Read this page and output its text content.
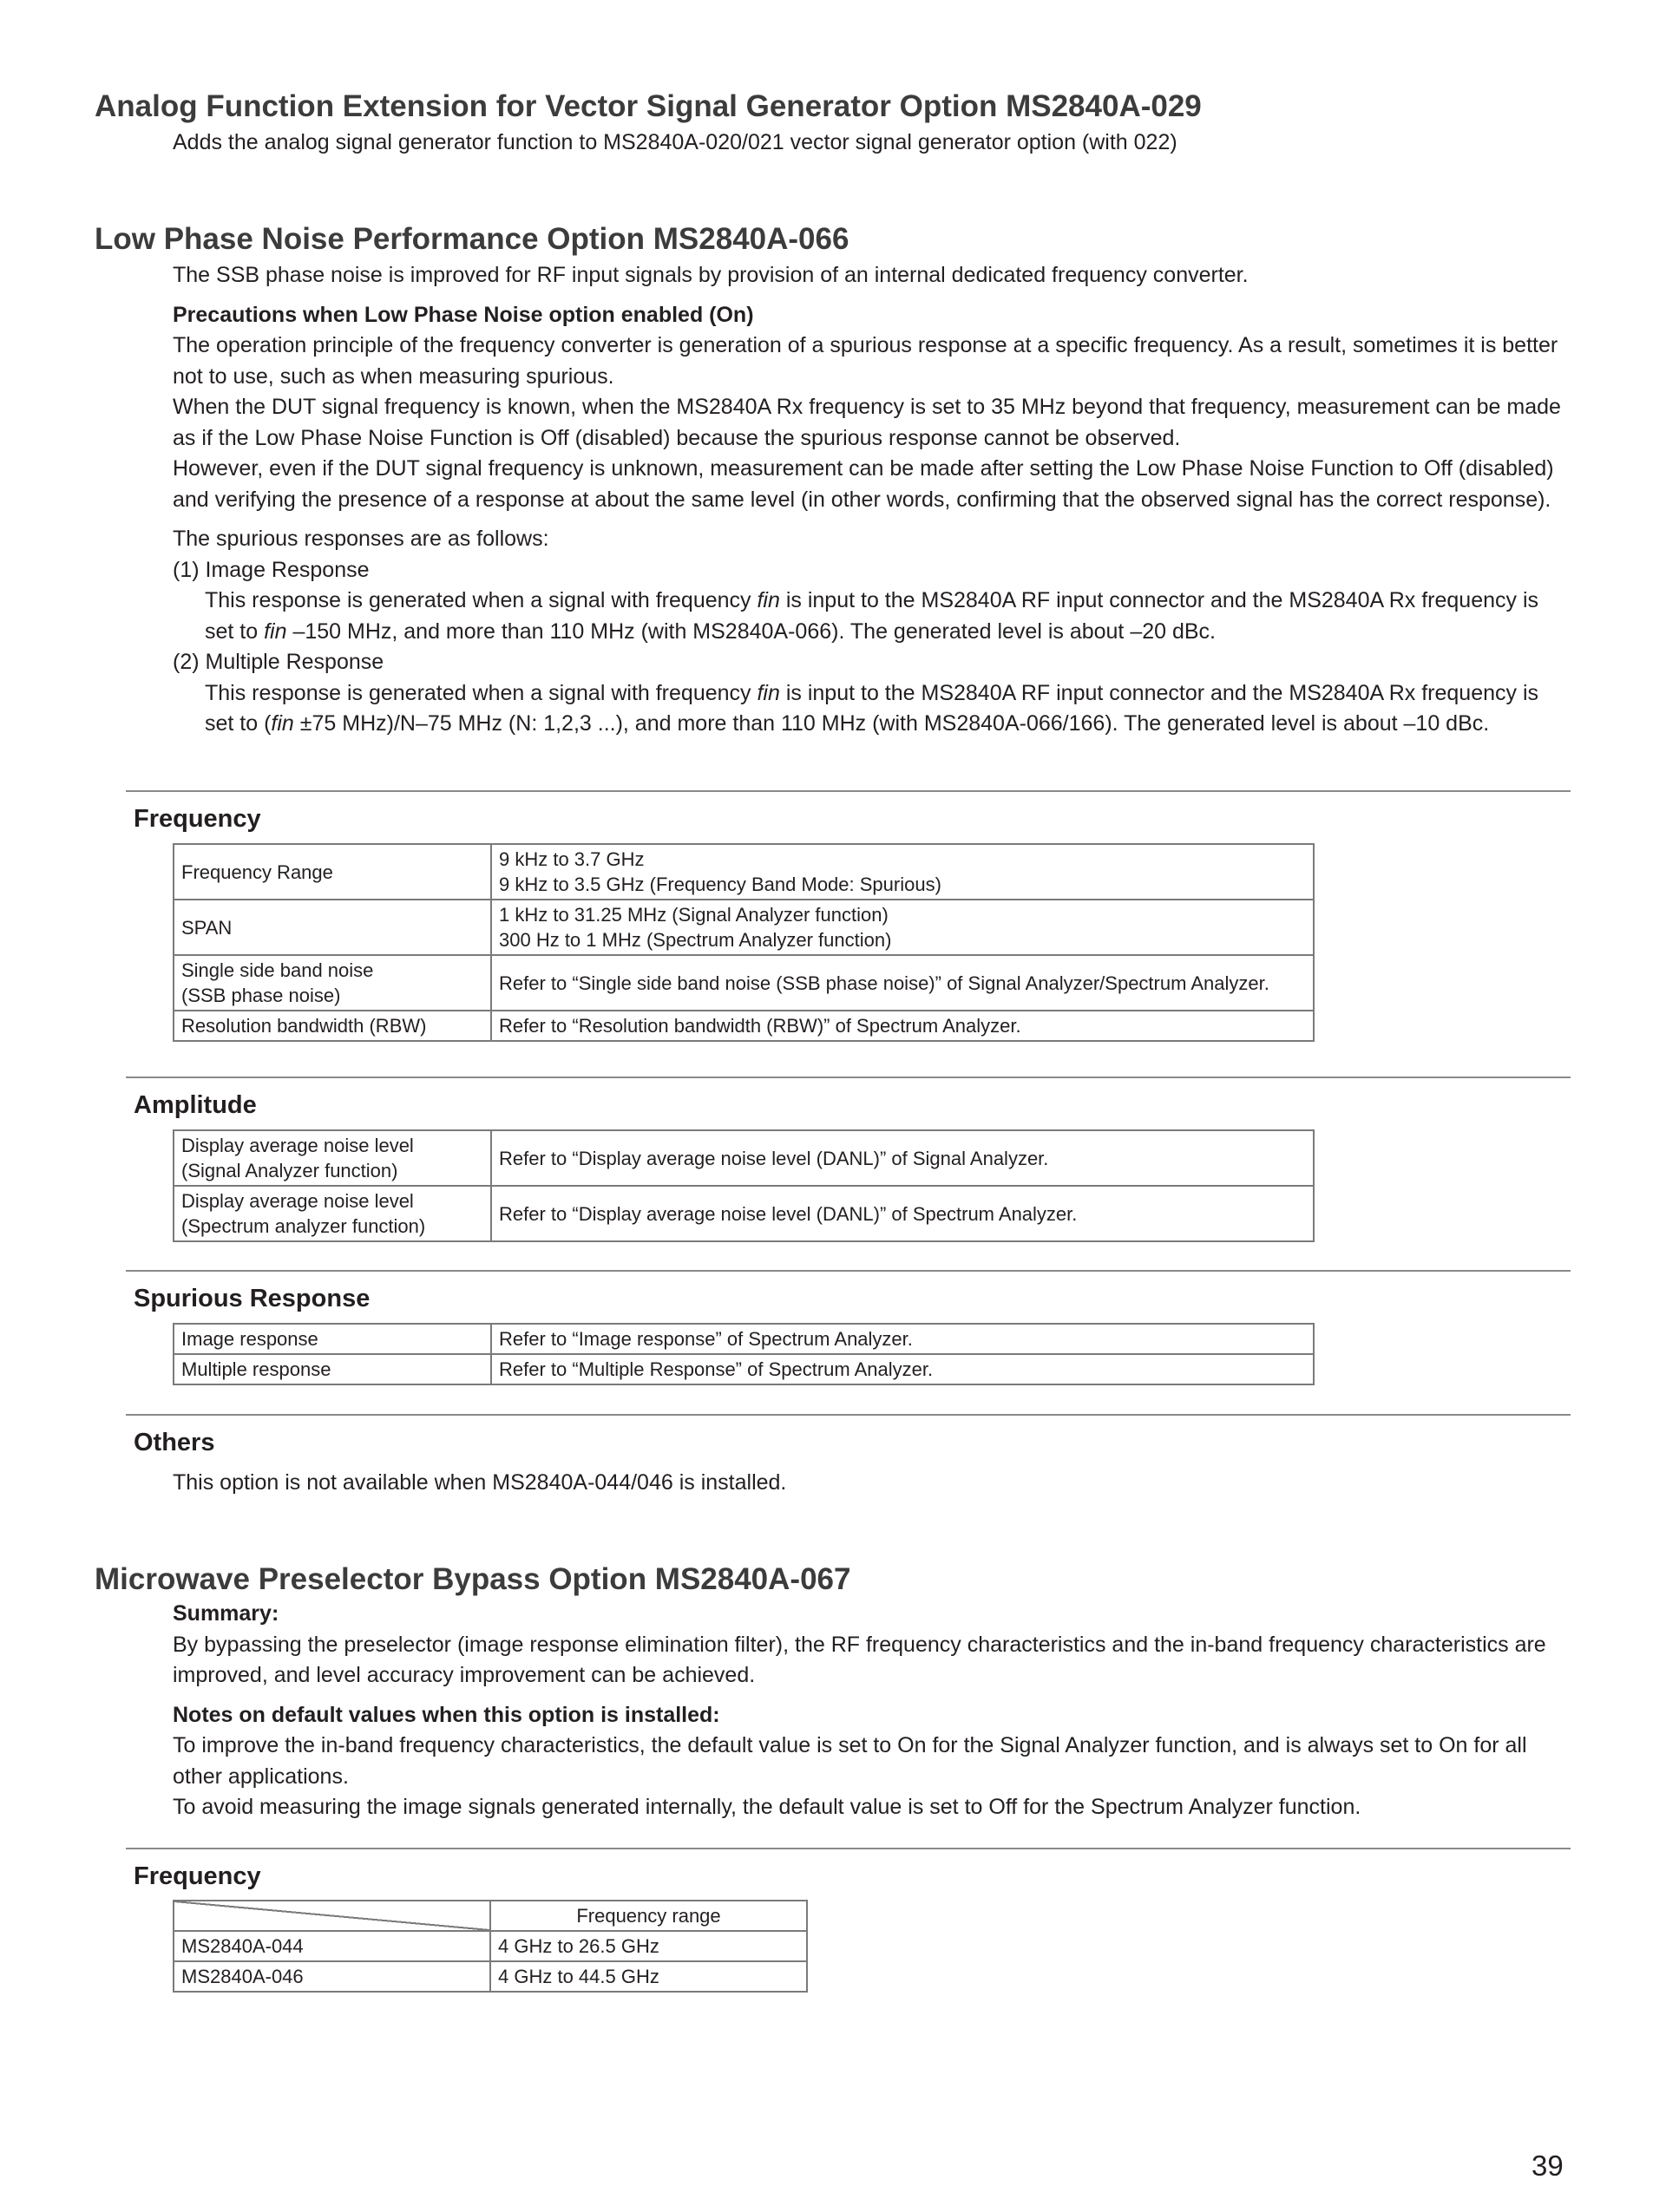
Analog Function Extension for Vector Signal Generator Option MS2840A-029

Adds the analog signal generator function to MS2840A-020/021 vector signal generator option (with 022)

Low Phase Noise Performance Option MS2840A-066

The SSB phase noise is improved for RF input signals by provision of an internal dedicated frequency converter.

Precautions when Low Phase Noise option enabled (On)

The operation principle of the frequency converter is generation of a spurious response at a specific frequency. As a result, sometimes it is better not to use, such as when measuring spurious.

When the DUT signal frequency is known, when the MS2840A Rx frequency is set to 35 MHz beyond that frequency, measurement can be made as if the Low Phase Noise Function is Off (disabled) because the spurious response cannot be observed.

However, even if the DUT signal frequency is unknown, measurement can be made after setting the Low Phase Noise Function to Off (disabled) and verifying the presence of a response at about the same level (in other words, confirming that the observed signal has the correct response).

The spurious responses are as follows:

(1) Image Response

This response is generated when a signal with frequency fin is input to the MS2840A RF input connector and the MS2840A Rx frequency is set to fin –150 MHz, and more than 110 MHz (with MS2840A-066). The generated level is about –20 dBc.

(2) Multiple Response

This response is generated when a signal with frequency fin is input to the MS2840A RF input connector and the MS2840A Rx frequency is set to (fin ±75 MHz)/N–75 MHz (N: 1,2,3 ...), and more than 110 MHz (with MS2840A-066/166). The generated level is about –10 dBc.

Frequency
Frequency Range	9 kHz to 3.7 GHz
9 kHz to 3.5 GHz (Frequency Band Mode: Spurious)

SPAN	1 kHz to 31.25 MHz (Signal Analyzer function)
300 Hz to 1 MHz (Spectrum Analyzer function)

Single side band noise
(SSB phase noise)	Refer to “Single side band noise (SSB phase noise)” of Signal Analyzer/Spectrum Analyzer.

Resolution bandwidth (RBW)	Refer to “Resolution bandwidth (RBW)” of Spectrum Analyzer.
Amplitude
Display average noise level
(Signal Analyzer function)	Refer to “Display average noise level (DANL)” of Signal Analyzer.

Display average noise level
(Spectrum analyzer function)	Refer to “Display average noise level (DANL)” of Spectrum Analyzer.
Spurious Response
Image response	Refer to “Image response” of Spectrum Analyzer.

Multiple response	Refer to “Multiple Response” of Spectrum Analyzer.
Others

This option is not available when MS2840A-044/046 is installed.

Microwave Preselector Bypass Option MS2840A-067

Summary:

By bypassing the preselector (image response elimination filter), the RF frequency characteristics and the in-band frequency characteristics are improved, and level accuracy improvement can be achieved.

Notes on default values when this option is installed:

To improve the in-band frequency characteristics, the default value is set to On for the Signal Analyzer function, and is always set to On for all other applications.

To avoid measuring the image signals generated internally, the default value is set to Off for the Spectrum Analyzer function.

Frequency
	Frequency range
MS2840A-044	4 GHz to 26.5 GHz
MS2840A-046	4 GHz to 44.5 GHz
39
